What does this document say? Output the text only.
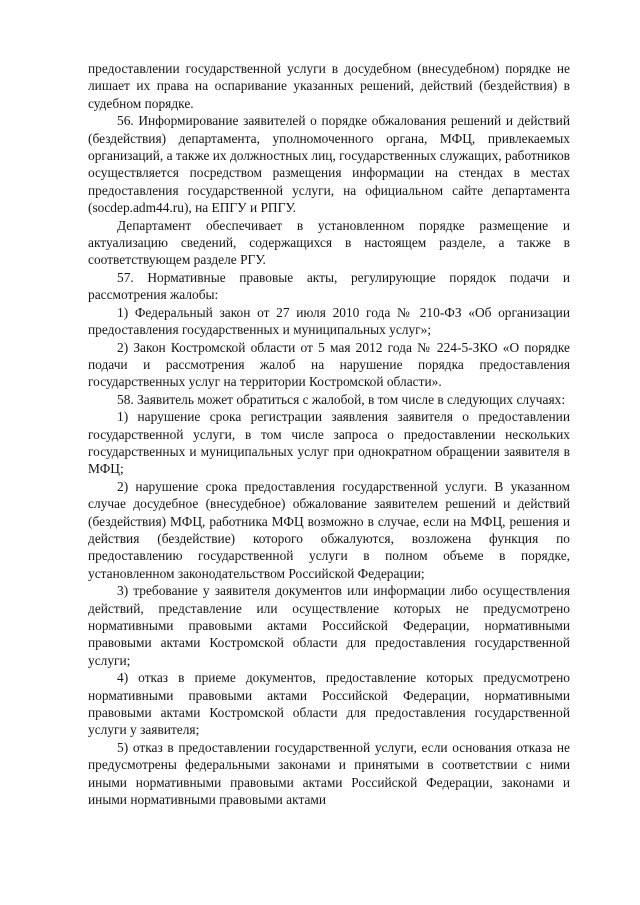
предоставлении государственной услуги в досудебном (внесудебном) порядке не лишает их права на оспаривание указанных решений, действий (бездействия) в судебном порядке.

56. Информирование заявителей о порядке обжалования решений и действий (бездействия) департамента, уполномоченного органа, МФЦ, привлекаемых организаций, а также их должностных лиц, государственных служащих, работников осуществляется посредством размещения информации на стендах в местах предоставления государственной услуги, на официальном сайте департамента (socdep.adm44.ru), на ЕПГУ и РПГУ.

Департамент обеспечивает в установленном порядке размещение и актуализацию сведений, содержащихся в настоящем разделе, а также в соответствующем разделе РГУ.

57. Нормативные правовые акты, регулирующие порядок подачи и рассмотрения жалобы:

1) Федеральный закон от 27 июля 2010 года № 210-ФЗ «Об организации предоставления государственных и муниципальных услуг»;

2) Закон Костромской области от 5 мая 2012 года № 224-5-ЗКО «О порядке подачи и рассмотрения жалоб на нарушение порядка предоставления государственных услуг на территории Костромской области».

58. Заявитель может обратиться с жалобой, в том числе в следующих случаях:

1) нарушение срока регистрации заявления заявителя о предоставлении государственной услуги, в том числе запроса о предоставлении нескольких государственных и муниципальных услуг при однократном обращении заявителя в МФЦ;

2) нарушение срока предоставления государственной услуги. В указанном случае досудебное (внесудебное) обжалование заявителем решений и действий (бездействия) МФЦ, работника МФЦ возможно в случае, если на МФЦ, решения и действия (бездействие) которого обжалуются, возложена функция по предоставлению государственной услуги в полном объеме в порядке, установленном законодательством Российской Федерации;

3) требование у заявителя документов или информации либо осуществления действий, представление или осуществление которых не предусмотрено нормативными правовыми актами Российской Федерации, нормативными правовыми актами Костромской области для предоставления государственной услуги;

4) отказ в приеме документов, предоставление которых предусмотрено нормативными правовыми актами Российской Федерации, нормативными правовыми актами Костромской области для предоставления государственной услуги у заявителя;

5) отказ в предоставлении государственной услуги, если основания отказа не предусмотрены федеральными законами и принятыми в соответствии с ними иными нормативными правовыми актами Российской Федерации, законами и иными нормативными правовыми актами
